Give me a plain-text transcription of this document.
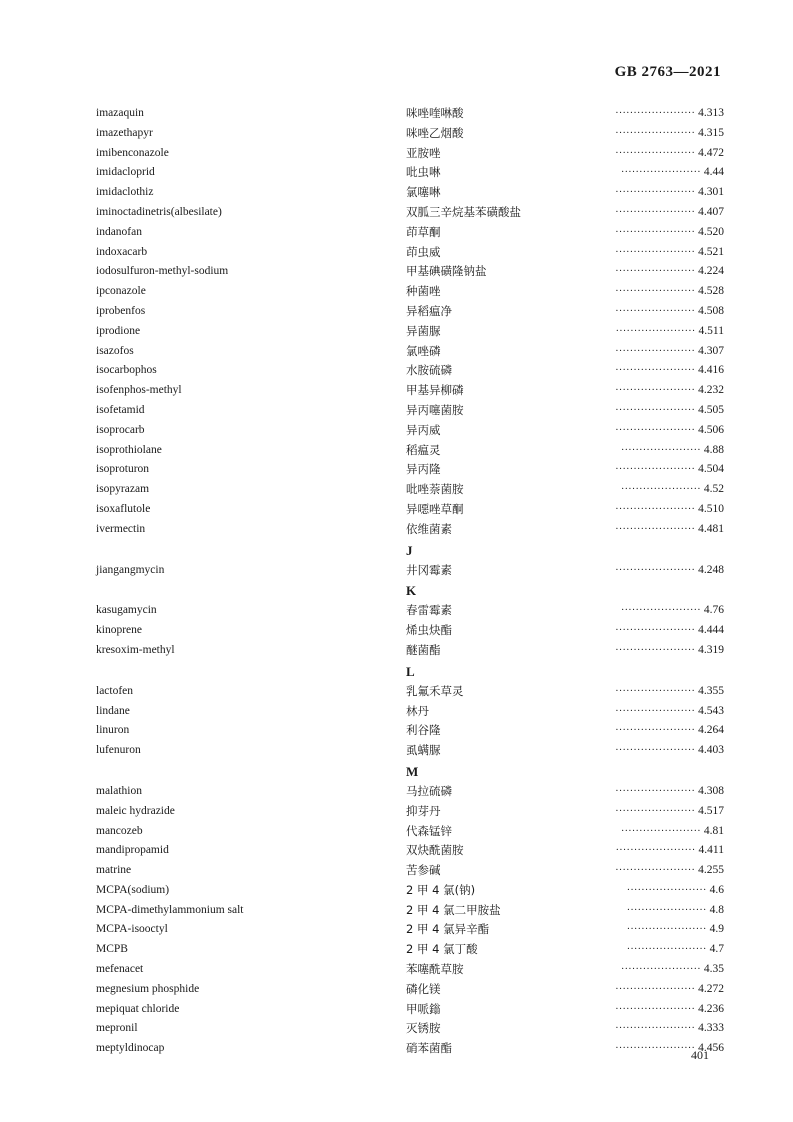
GB 2763—2021
imazaquin	咪唑喹啉酸	······················ 4.313
imazethapyr	咪唑乙烟酸	······················ 4.315
imibenconazole	亚胺唑	······················ 4.472
imidacloprid	吡虫啉	······················ 4.44
imidaclothiz	氯噻啉	······················ 4.301
iminoctadinetris(albesilate)	双胍三辛烷基苯磺酸盐	······················ 4.407
indanofan	茚草酮	······················ 4.520
indoxacarb	茚虫威	······················ 4.521
iodosulfuron-methyl-sodium	甲基碘磺隆钠盐	······················ 4.224
ipconazole	种菌唑	······················ 4.528
iprobenfos	异稻瘟净	······················ 4.508
iprodione	异菌脲	······················ 4.511
isazofos	氯唑磷	······················ 4.307
isocarbophos	水胺硫磷	······················ 4.416
isofenphos-methyl	甲基异柳磷	······················ 4.232
isofetamid	异丙噻菌胺	······················ 4.505
isoprocarb	异丙威	······················ 4.506
isoprothiolane	稻瘟灵	······················ 4.88
isoproturon	异丙隆	······················ 4.504
isopyrazam	吡唑萘菌胺	······················ 4.52
isoxaflutole	异噁唑草酮	······················ 4.510
ivermectin	依维菌素	······················ 4.481
J
jiangangmycin	井冈霉素	······················ 4.248
K
kasugamycin	春雷霉素	······················ 4.76
kinoprene	烯虫炔酯	······················ 4.444
kresoxim-methyl	醚菌酯	······················ 4.319
L
lactofen	乳氟禾草灵	······················ 4.355
lindane	林丹	······················ 4.543
linuron	利谷隆	······················ 4.264
lufenuron	虱螨脲	······················ 4.403
M
malathion	马拉硫磷	······················ 4.308
maleic hydrazide	抑芽丹	······················ 4.517
mancozeb	代森锰锌	······················ 4.81
mandipropamid	双炔酰菌胺	······················ 4.411
matrine	苦参碱	······················ 4.255
MCPA(sodium)	2 甲 4 氯(钠)	······················ 4.6
MCPA-dimethylammonium salt	2 甲 4 氯二甲胺盐	······················ 4.8
MCPA-isooctyl	2 甲 4 氯异辛酯	······················ 4.9
MCPB	2 甲 4 氯丁酸	······················ 4.7
mefenacet	苯噻酰草胺	······················ 4.35
megnesium phosphide	磷化镁	······················ 4.272
mepiquat chloride	甲哌鎓	······················ 4.236
mepronil	灭锈胺	······················ 4.333
meptyldinocap	硝苯菌酯	······················ 4.456
401
